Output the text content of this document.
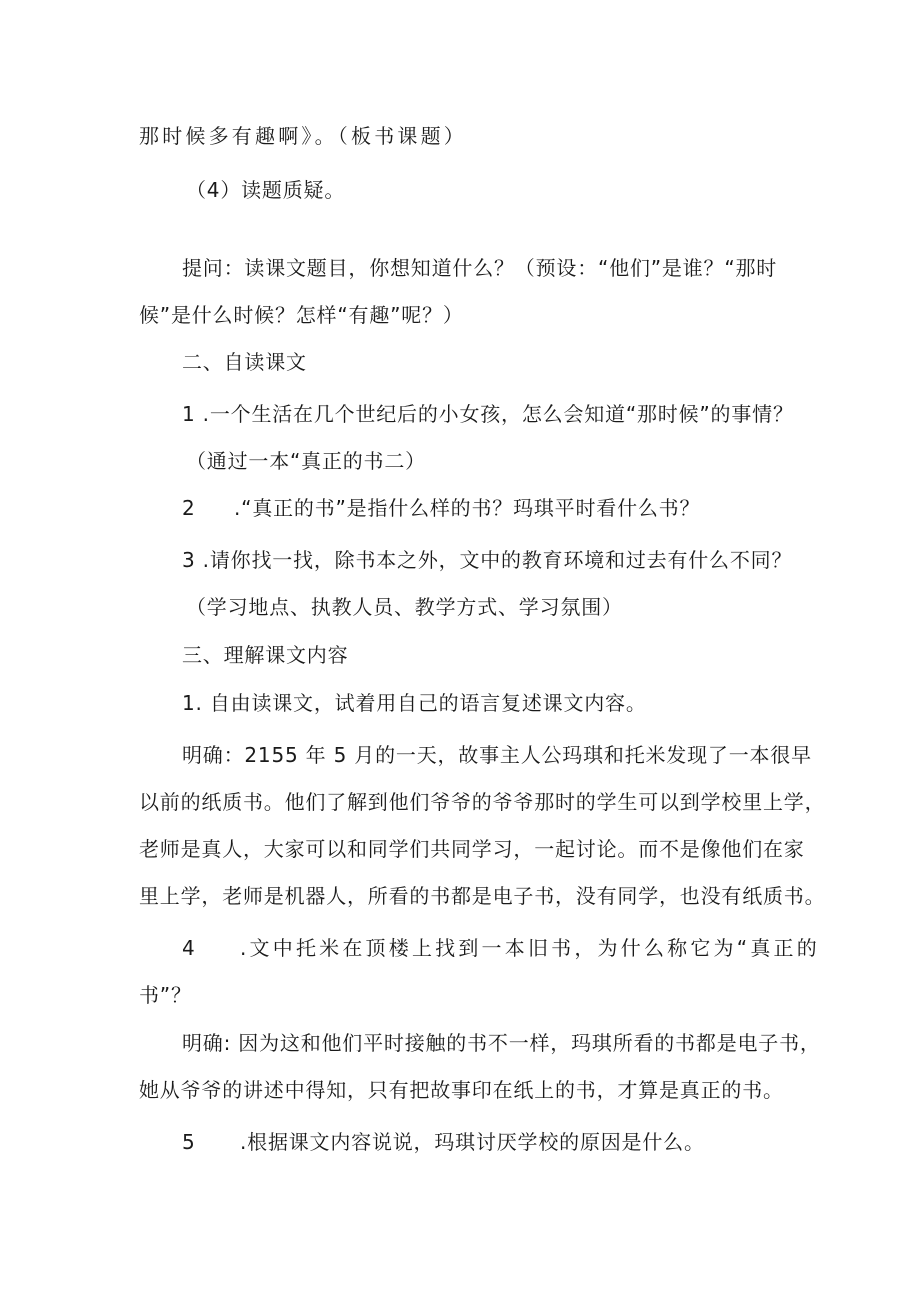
那时候多有趣啊》。（板书课题）
（4）读题质疑。
提问：读课文题目，你想知道什么？（预设：“他们”是谁？“那时
候”是什么时候？怎样“有趣”呢？）
二、自读课文
1 .一个生活在几个世纪后的小女孩，怎么会知道“那时候”的事情？
（通过一本“真正的书二）
2 .“真正的书”是指什么样的书？玛琪平时看什么书？
3 .请你找一找，除书本之外，文中的教育环境和过去有什么不同？
（学习地点、执教人员、教学方式、学习氛围）
三、理解课文内容
1. 自由读课文，试着用自己的语言复述课文内容。
明确：2155 年 5 月的一天，故事主人公玛琪和托米发现了一本很早
以前的纸质书。他们了解到他们爷爷的爷爷那时的学生可以到学校里上学，
老师是真人，大家可以和同学们共同学习，一起讨论。而不是像他们在家
里上学，老师是机器人，所看的书都是电子书，没有同学，也没有纸质书。
4 .文中托米在顶楼上找到一本旧书，为什么称它为“真正的
书”？
明确: 因为这和他们平时接触的书不一样，玛琪所看的书都是电子书，
她从爷爷的讲述中得知，只有把故事印在纸上的书，才算是真正的书。
5 .根据课文内容说说，玛琪讨厌学校的原因是什么。
